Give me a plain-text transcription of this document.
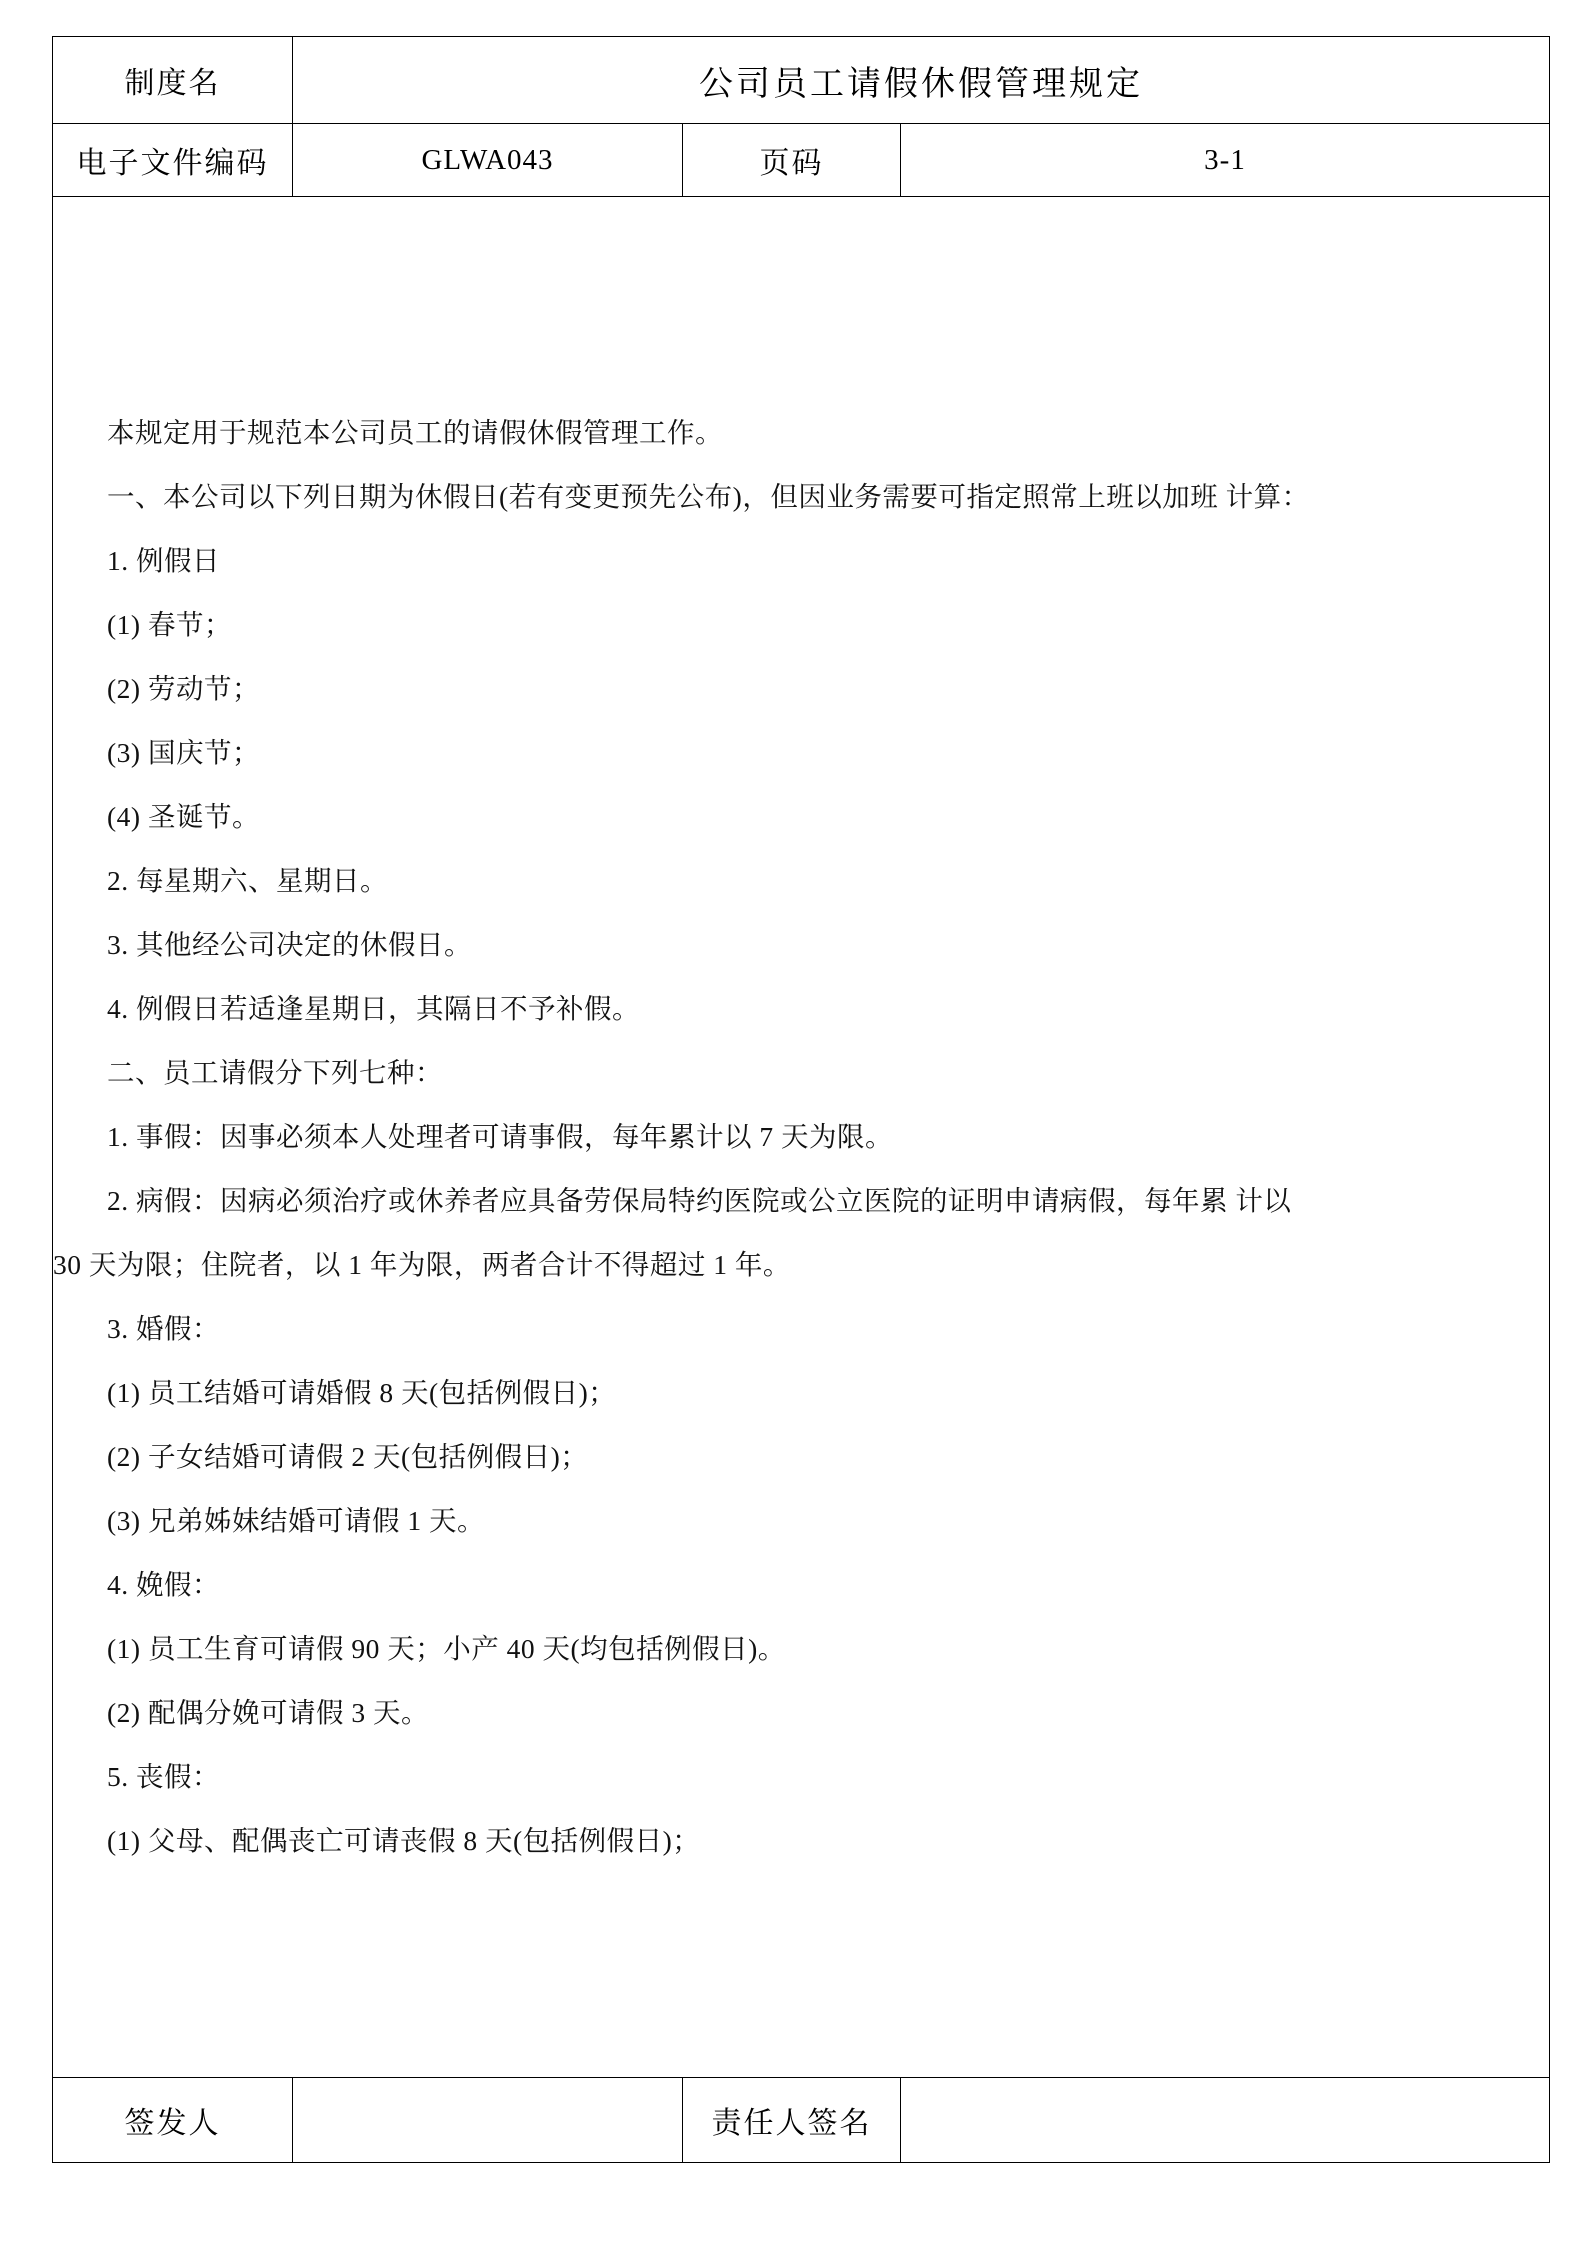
制度名	公司员工请假休假管理规定		
电子文件编码	GLWA043	页码	3-1

本规定用于规范本公司员工的请假休假管理工作。

一、本公司以下列日期为休假日(若有变更预先公布)，但因业务需要可指定照常上班以加班 计算：

1. 例假日

(1) 春节；

(2) 劳动节；

(3) 国庆节；

(4) 圣诞节。

2. 每星期六、星期日。

3. 其他经公司决定的休假日。

4. 例假日若适逢星期日，其隔日不予补假。

二、员工请假分下列七种：

1. 事假：因事必须本人处理者可请事假，每年累计以 7 天为限。

2. 病假：因病必须治疗或休养者应具备劳保局特约医院或公立医院的证明申请病假，每年累 计以
30 天为限；住院者，以 1 年为限，两者合计不得超过 1 年。

3. 婚假：

(1) 员工结婚可请婚假 8 天(包括例假日)；

(2) 子女结婚可请假 2 天(包括例假日)；

(3) 兄弟姊妹结婚可请假 1 天。

4. 娩假：

(1) 员工生育可请假 90 天；小产 40 天(均包括例假日)。

(2) 配偶分娩可请假 3 天。

5. 丧假：

(1) 父母、配偶丧亡可请丧假 8 天(包括例假日)；

签发人		责任人签名	
